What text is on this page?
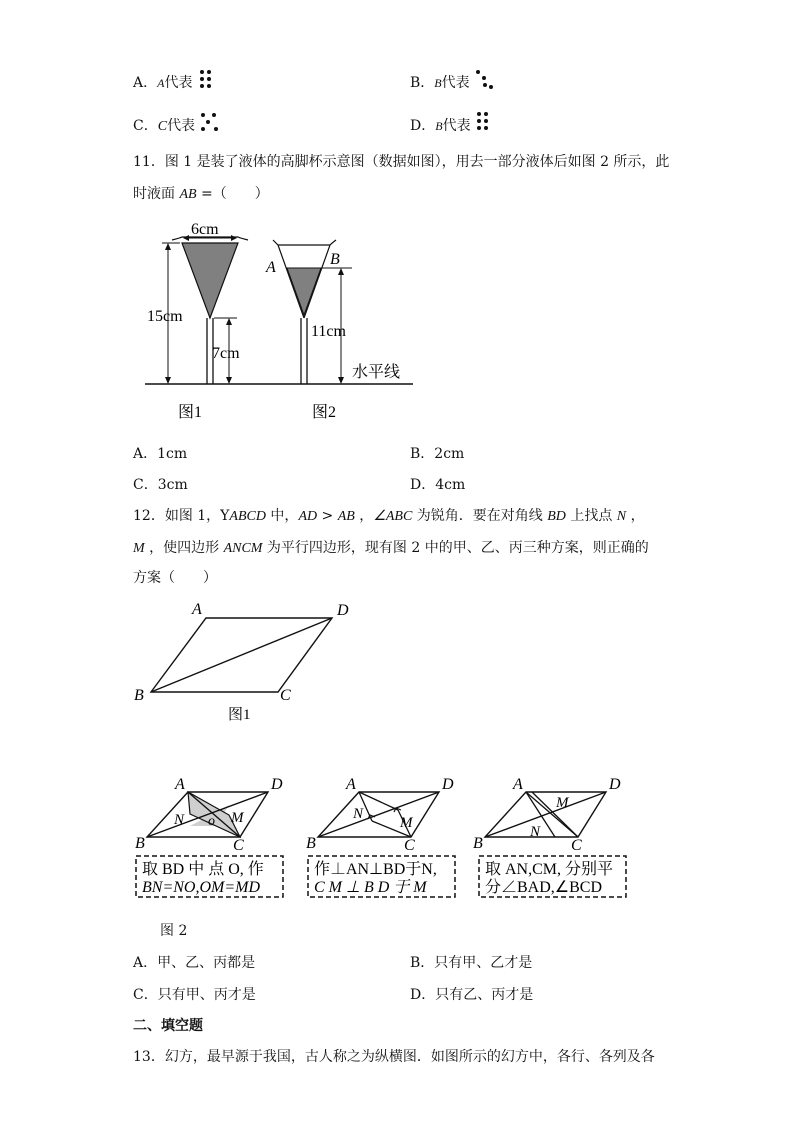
A．A代表	B．B代表
C．C代表	D．B代表
11．图 1 是装了液体的高脚杯示意图（数据如图），用去一部分液体后如图 2 所示，此
时液面 AB =（　　）
6cm
15cm
7cm
A	B
11cm
水平线
图1	图2
A．1cm	B．2cm
C．3cm	D．4cm
12．如图 1，YABCD 中，AD > AB ，∠ABC 为锐角．要在对角线 BD 上找点 N ，
M ，使四边形 ANCM 为平行四边形，现有图 2 中的甲、乙、丙三种方案，则正确的
方案（　　）
A	D
B	C
图1
A	D
B	C
N	M
o
取 BD 中 点 O, 作
BN=NO,OM=MD
A	D
B	C
N
M
作⊥AN⊥BD于N,
C M ⊥ B D 于 M
A	D
B	C
M
N
取 AN,CM, 分别平
分∠BAD,∠BCD
图 2
A．甲、乙、丙都是	B．只有甲、乙才是
C．只有甲、丙才是	D．只有乙、丙才是
二、填空题
13．幻方，最早源于我国，古人称之为纵横图．如图所示的幻方中，各行、各列及各
